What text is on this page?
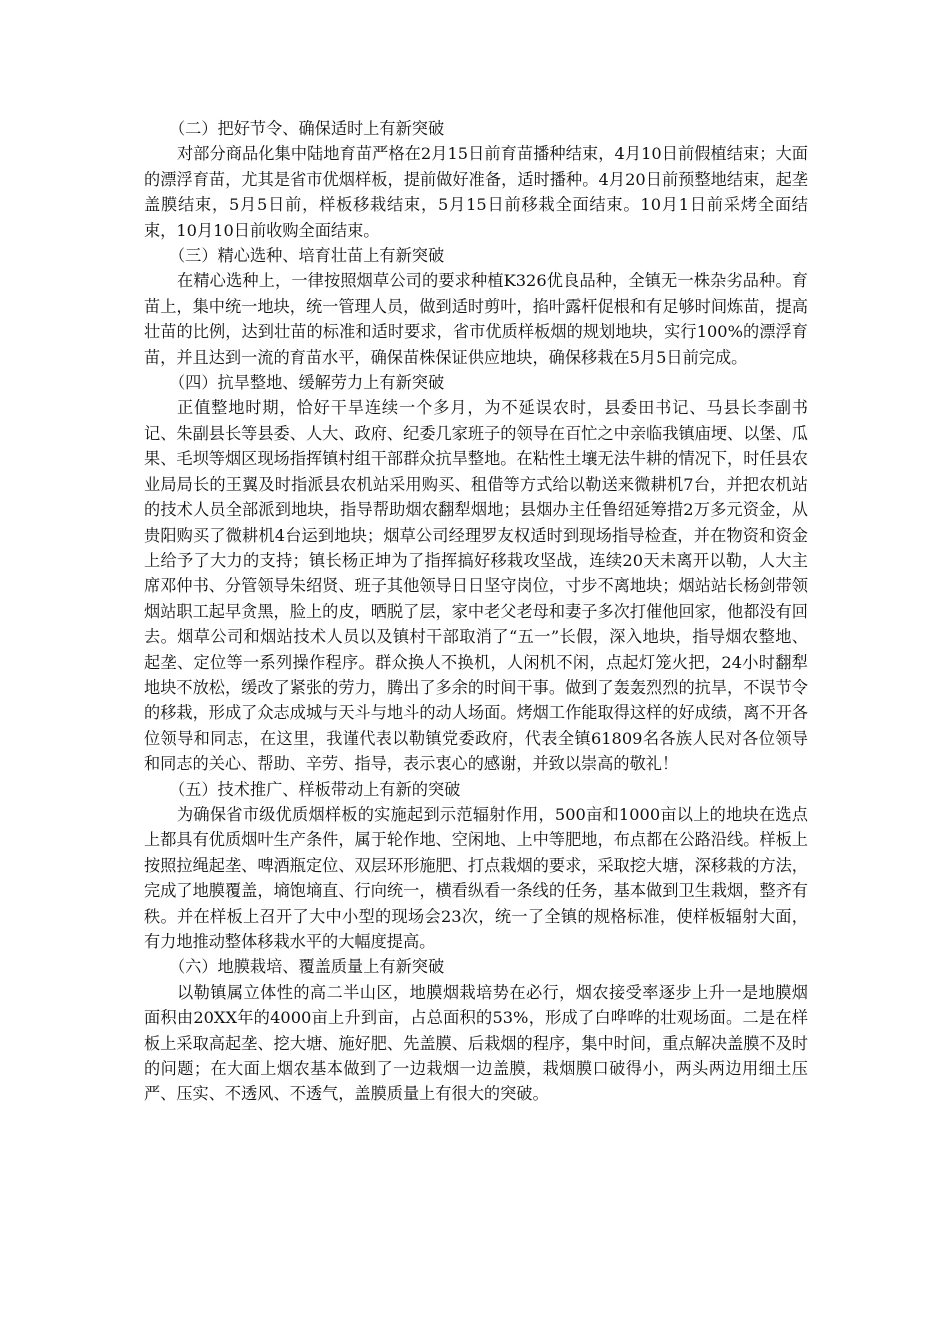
（二）把好节令、确保适时上有新突破

对部分商品化集中陆地育苗严格在2月15日前育苗播种结束，4月10日前假植结束；大面的漂浮育苗，尤其是省市优烟样板，提前做好准备，适时播种。4月20日前预整地结束，起垄盖膜结束，5月5日前，样板移栽结束，5月15日前移栽全面结束。10月1日前采烤全面结束，10月10日前收购全面结束。

（三）精心选种、培育壮苗上有新突破

在精心选种上，一律按照烟草公司的要求种植K326优良品种，全镇无一株杂劣品种。育苗上，集中统一地块，统一管理人员，做到适时剪叶，掐叶露杆促根和有足够时间炼苗，提高壮苗的比例，达到壮苗的标准和适时要求，省市优质样板烟的规划地块，实行100%的漂浮育苗，并且达到一流的育苗水平，确保苗株保证供应地块，确保移栽在5月5日前完成。

（四）抗旱整地、缓解劳力上有新突破

正值整地时期，恰好干旱连续一个多月，为不延误农时，县委田书记、马县长李副书记、朱副县长等县委、人大、政府、纪委几家班子的领导在百忙之中亲临我镇庙埂、以堡、瓜果、毛坝等烟区现场指挥镇村组干部群众抗旱整地。在粘性土壤无法牛耕的情况下，时任县农业局局长的王翼及时指派县农机站采用购买、租借等方式给以勒送来微耕机7台，并把农机站的技术人员全部派到地块，指导帮助烟农翻犁烟地；县烟办主任鲁绍延筹措2万多元资金，从贵阳购买了微耕机4台运到地块；烟草公司经理罗友权适时到现场指导检查，并在物资和资金上给予了大力的支持；镇长杨正坤为了指挥搞好移栽攻坚战，连续20天未离开以勒，人大主席邓仲书、分管领导朱绍贤、班子其他领导日日坚守岗位，寸步不离地块；烟站站长杨剑带领烟站职工起早贪黑，脸上的皮，晒脱了层，家中老父老母和妻子多次打催他回家，他都没有回去。烟草公司和烟站技术人员以及镇村干部取消了“五一”长假，深入地块，指导烟农整地、起垄、定位等一系列操作程序。群众换人不换机，人闲机不闲，点起灯笼火把，24小时翻犁地块不放松，缓改了紧张的劳力，腾出了多余的时间干事。做到了轰轰烈烈的抗旱，不误节令的移栽，形成了众志成城与天斗与地斗的动人场面。烤烟工作能取得这样的好成绩，离不开各位领导和同志，在这里，我谨代表以勒镇党委政府，代表全镇61809名各族人民对各位领导和同志的关心、帮助、辛劳、指导，表示衷心的感谢，并致以崇高的敬礼！

（五）技术推广、样板带动上有新的突破

为确保省市级优质烟样板的实施起到示范辐射作用，500亩和1000亩以上的地块在选点上都具有优质烟叶生产条件，属于轮作地、空闲地、上中等肥地，布点都在公路沿线。样板上按照拉绳起垄、啤酒瓶定位、双层环形施肥、打点栽烟的要求，采取挖大塘，深移栽的方法，完成了地膜覆盖，墒饱墒直、行向统一，横看纵看一条线的任务，基本做到卫生栽烟，整齐有秩。并在样板上召开了大中小型的现场会23次，统一了全镇的规格标准，使样板辐射大面，有力地推动整体移栽水平的大幅度提高。

（六）地膜栽培、覆盖质量上有新突破

以勒镇属立体性的高二半山区，地膜烟栽培势在必行，烟农接受率逐步上升一是地膜烟面积由20XX年的4000亩上升到亩，占总面积的53%，形成了白哗哗的壮观场面。二是在样板上采取高起垄、挖大塘、施好肥、先盖膜、后栽烟的程序，集中时间，重点解决盖膜不及时的问题；在大面上烟农基本做到了一边栽烟一边盖膜，栽烟膜口破得小，两头两边用细土压严、压实、不透风、不透气，盖膜质量上有很大的突破。
